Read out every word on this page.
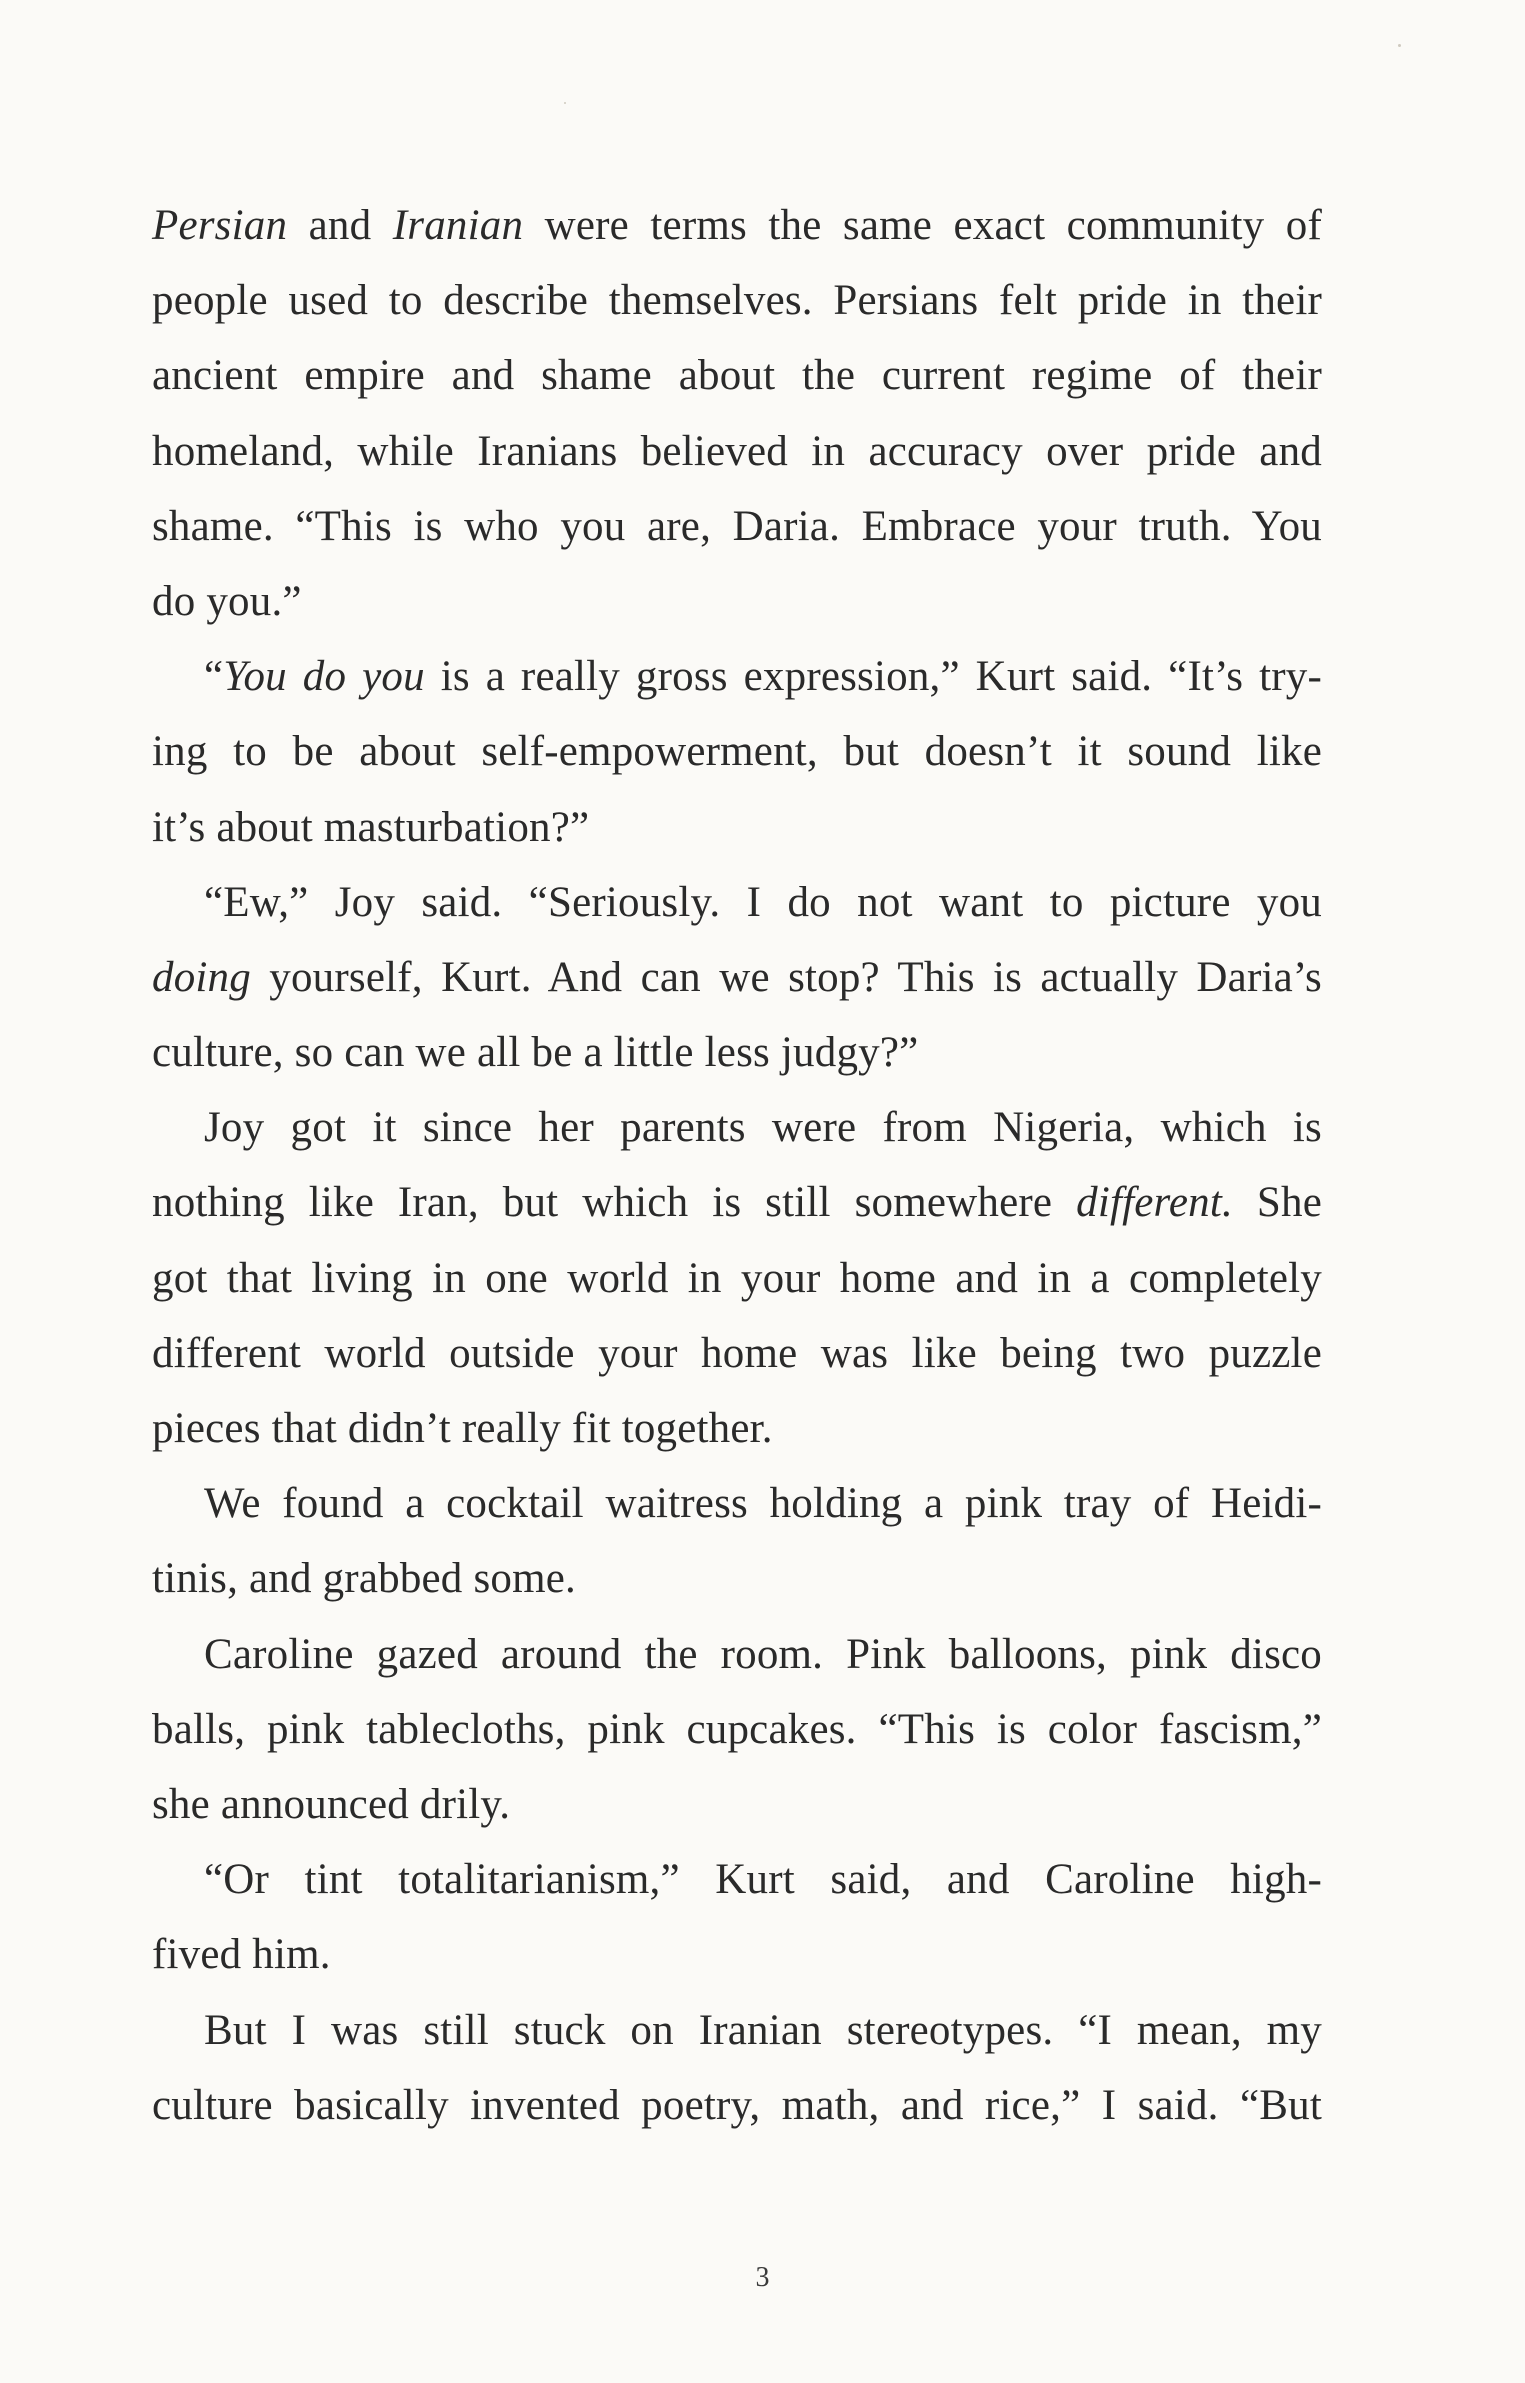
Persian and Iranian were terms the same exact community of
people used to describe themselves. Persians felt pride in their
ancient empire and shame about the current regime of their
homeland, while Iranians believed in accuracy over pride and
shame. “This is who you are, Daria. Embrace your truth. You
do you.”
“You do you is a really gross expression,” Kurt said. “It’s try-
ing to be about self-empowerment, but doesn’t it sound like
it’s about masturbation?”
“Ew,” Joy said. “Seriously. I do not want to picture you
doing yourself, Kurt. And can we stop? This is actually Daria’s
culture, so can we all be a little less judgy?”
Joy got it since her parents were from Nigeria, which is
nothing like Iran, but which is still somewhere different. She
got that living in one world in your home and in a completely
different world outside your home was like being two puzzle
pieces that didn’t really fit together.
We found a cocktail waitress holding a pink tray of Heidi-
tinis, and grabbed some.
Caroline gazed around the room. Pink balloons, pink disco
balls, pink tablecloths, pink cupcakes. “This is color fascism,”
she announced drily.
“Or tint totalitarianism,” Kurt said, and Caroline high-
fived him.
But I was still stuck on Iranian stereotypes. “I mean, my
culture basically invented poetry, math, and rice,” I said. “But
3
